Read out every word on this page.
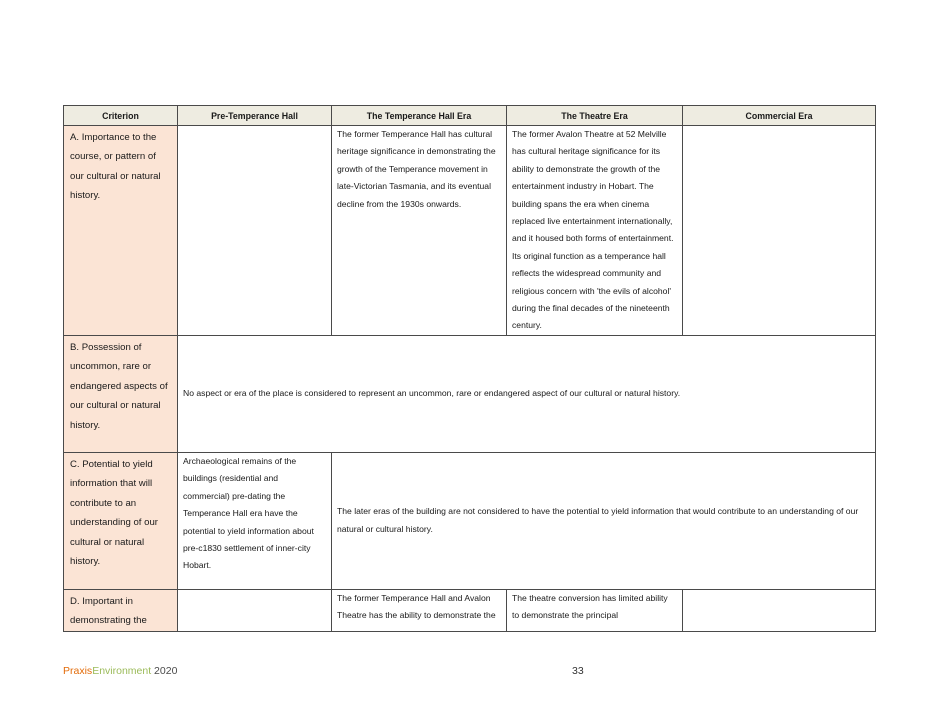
Criterion	Pre-Temperance Hall	The Temperance Hall Era	The Theatre Era	Commercial Era
A. Importance to the course, or pattern of our cultural or natural history.		The former Temperance Hall has cultural heritage significance in demonstrating the growth of the Temperance movement in late-Victorian Tasmania, and its eventual decline from the 1930s onwards.	The former Avalon Theatre at 52 Melville has cultural heritage significance for its ability to demonstrate the growth of the entertainment industry in Hobart. The building spans the era when cinema replaced live entertainment internationally, and it housed both forms of entertainment. Its original function as a temperance hall reflects the widespread community and religious concern with 'the evils of alcohol' during the final decades of the nineteenth century.	
B. Possession of uncommon, rare or endangered aspects of our cultural or natural history.	No aspect or era of the place is considered to represent an uncommon, rare or endangered aspect of our cultural or natural history.			
C. Potential to yield information that will contribute to an understanding of our cultural or natural history.	Archaeological remains of the buildings (residential and commercial) pre-dating the Temperance Hall era have the potential to yield information about pre-c1830 settlement of inner-city Hobart.	The later eras of the building are not considered to have the potential to yield information that would contribute to an understanding of our natural or cultural history.		
D. Important in demonstrating the		The former Temperance Hall and Avalon Theatre has the ability to demonstrate the	The theatre conversion has limited ability to demonstrate the principal	
PraxisEnvironment 2020	33
